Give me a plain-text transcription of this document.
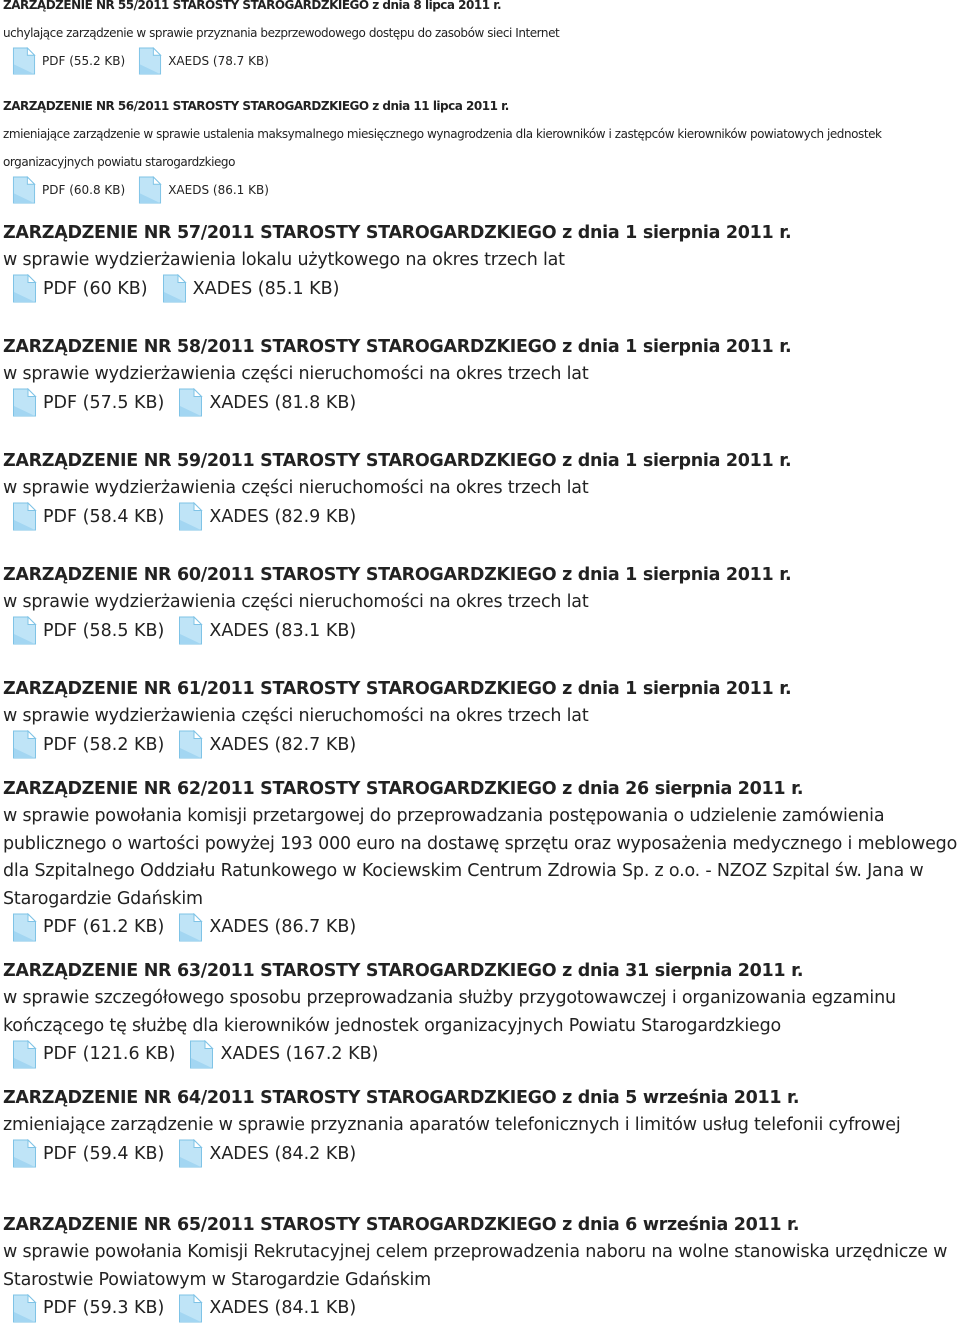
ZARZĄDZENIE NR 55/2011 STAROSTY STAROGARDZKIEGO z dnia 8 lipca 2011 r.

uchylające zarządzenie w sprawie przyznania bezprzewodowego dostępu do zasobów sieci Internet

PDF (55.2 KB)	XAEDS (78.7 KB)
ZARZĄDZENIE NR 56/2011 STAROSTY STAROGARDZKIEGO z dnia 11 lipca 2011 r.

zmieniające zarządzenie w sprawie ustalenia maksymalnego miesięcznego wynagrodzenia dla kierowników i zastępców kierowników powiatowych jednostek organizacyjnych powiatu starogardzkiego

PDF (60.8 KB)	XAEDS (86.1 KB)
ZARZĄDZENIE NR 57/2011 STAROSTY STAROGARDZKIEGO z dnia 1 sierpnia 2011 r.

w sprawie wydzierżawienia lokalu użytkowego na okres trzech lat

PDF (60 KB)	XADES (85.1 KB)
ZARZĄDZENIE NR 58/2011 STAROSTY STAROGARDZKIEGO z dnia 1 sierpnia 2011 r.

w sprawie wydzierżawienia części nieruchomości na okres trzech lat

PDF (57.5 KB)	XADES (81.8 KB)
ZARZĄDZENIE NR 59/2011 STAROSTY STAROGARDZKIEGO z dnia 1 sierpnia 2011 r.

w sprawie wydzierżawienia części nieruchomości na okres trzech lat

PDF (58.4 KB)	XADES (82.9 KB)
ZARZĄDZENIE NR 60/2011 STAROSTY STAROGARDZKIEGO z dnia 1 sierpnia 2011 r.

w sprawie wydzierżawienia części nieruchomości na okres trzech lat

PDF (58.5 KB)	XADES (83.1 KB)
ZARZĄDZENIE NR 61/2011 STAROSTY STAROGARDZKIEGO z dnia 1 sierpnia 2011 r.

w sprawie wydzierżawienia części nieruchomości na okres trzech lat

PDF (58.2 KB)	XADES (82.7 KB)
ZARZĄDZENIE NR 62/2011 STAROSTY STAROGARDZKIEGO z dnia 26 sierpnia 2011 r.

w sprawie powołania komisji przetargowej do przeprowadzania postępowania o udzielenie zamówienia publicznego o wartości powyżej 193 000 euro na dostawę sprzętu oraz wyposażenia medycznego i meblowego dla Szpitalnego Oddziału Ratunkowego w Kociewskim Centrum Zdrowia Sp. z o.o. - NZOZ Szpital św. Jana w Starogardzie Gdańskim

PDF (61.2 KB)	XADES (86.7 KB)
ZARZĄDZENIE NR 63/2011 STAROSTY STAROGARDZKIEGO z dnia 31 sierpnia 2011 r.

w sprawie szczegółowego sposobu przeprowadzania służby przygotowawczej i organizowania egzaminu kończącego tę służbę dla kierowników jednostek organizacyjnych Powiatu Starogardzkiego

PDF (121.6 KB)	XADES (167.2 KB)
ZARZĄDZENIE NR 64/2011 STAROSTY STAROGARDZKIEGO z dnia 5 września 2011 r.

zmieniające zarządzenie w sprawie przyznania aparatów telefonicznych i limitów usług telefonii cyfrowej

PDF (59.4 KB)	XADES (84.2 KB)
ZARZĄDZENIE NR 65/2011 STAROSTY STAROGARDZKIEGO z dnia 6 września 2011 r.

w sprawie powołania Komisji Rekrutacyjnej celem przeprowadzenia naboru na wolne stanowiska urzędnicze w Starostwie Powiatowym w Starogardzie Gdańskim

PDF (59.3 KB)	XADES (84.1 KB)
